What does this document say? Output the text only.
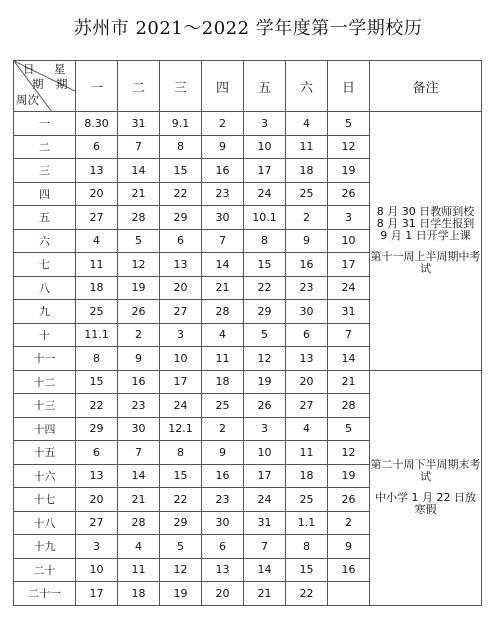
苏州市 2021～2022 学年度第一学期校历
日 星
期 期
周次	一	二	三	四	五	六	日	备注
一	8.30	31	9.1	2	3	4	5	8 月 30 日教师到校
8 月 31 日学生报到
9 月 1 日开学上课

第十一周上半周期中考试

二	6	7	8	9	10	11	12	
三	13	14	15	16	17	18	19	
四	20	21	22	23	24	25	26	
五	27	28	29	30	10.1	2	3	
六	4	5	6	7	8	9	10	
七	11	12	13	14	15	16	17	
八	18	19	20	21	22	23	24	
九	25	26	27	28	29	30	31	
十	11.1	2	3	4	5	6	7	
十一	8	9	10	11	12	13	14	
十二	15	16	17	18	19	20	21	第二十周下半周期末考试

中小学 1 月 22 日放寒假

十三	22	23	24	25	26	27	28	
十四	29	30	12.1	2	3	4	5	
十五	6	7	8	9	10	11	12	
十六	13	14	15	16	17	18	19	
十七	20	21	22	23	24	25	26	
十八	27	28	29	30	31	1.1	2	
十九	3	4	5	6	7	8	9	
二十	10	11	12	13	14	15	16	
二十一	17	18	19	20	21	22		
